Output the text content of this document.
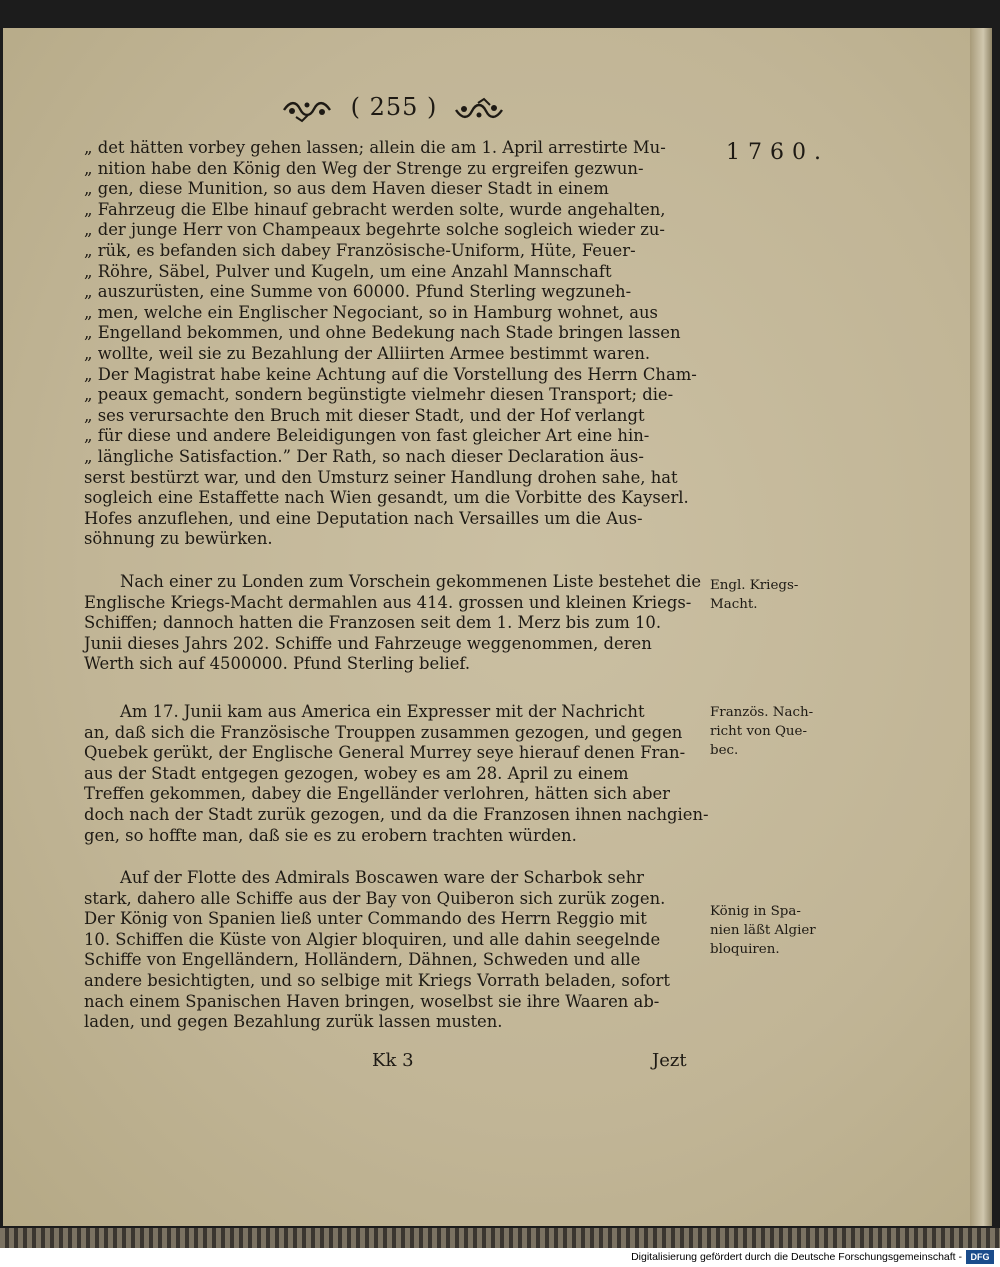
( 255 )
1760.
„ det hätten vorbey gehen lassen; allein die am 1. April arrestirte Mu-
„ nition habe den König den Weg der Strenge zu ergreifen gezwun-
„ gen, diese Munition, so aus dem Haven dieser Stadt in einem
„ Fahrzeug die Elbe hinauf gebracht werden solte, wurde angehalten,
„ der junge Herr von Champeaux begehrte solche sogleich wieder zu-
„ rük, es befanden sich dabey Französische-Uniform, Hüte, Feuer-
„ Röhre, Säbel, Pulver und Kugeln, um eine Anzahl Mannschaft
„ auszurüsten, eine Summe von 60000. Pfund Sterling wegzuneh-
„ men, welche ein Englischer Negociant, so in Hamburg wohnet, aus
„ Engelland bekommen, und ohne Bedekung nach Stade bringen lassen
„ wollte, weil sie zu Bezahlung der Alliirten Armee bestimmt waren.
„ Der Magistrat habe keine Achtung auf die Vorstellung des Herrn Cham-
„ peaux gemacht, sondern begünstigte vielmehr diesen Transport; die-
„ ses verursachte den Bruch mit dieser Stadt, und der Hof verlangt
„ für diese und andere Beleidigungen von fast gleicher Art eine hin-
„ längliche Satisfaction.” Der Rath, so nach dieser Declaration äus-
serst bestürzt war, und den Umsturz seiner Handlung drohen sahe, hat
sogleich eine Estaffette nach Wien gesandt, um die Vorbitte des Kayserl.
Hofes anzuflehen, und eine Deputation nach Versailles um die Aus-
söhnung zu bewürken.
Nach einer zu Londen zum Vorschein gekommenen Liste bestehet die
Englische Kriegs-Macht dermahlen aus 414. grossen und kleinen Kriegs-
Schiffen; dannoch hatten die Franzosen seit dem 1. Merz bis zum 10.
Junii dieses Jahrs 202. Schiffe und Fahrzeuge weggenommen, deren
Werth sich auf 4500000. Pfund Sterling belief.
Engl. Kriegs-
Macht.
Am 17. Junii kam aus America ein Expresser mit der Nachricht
an, daß sich die Französische Trouppen zusammen gezogen, und gegen
Quebek gerükt, der Englische General Murrey seye hierauf denen Fran-
aus der Stadt entgegen gezogen, wobey es am 28. April zu einem
Treffen gekommen, dabey die Engelländer verlohren, hätten sich aber
doch nach der Stadt zurük gezogen, und da die Franzosen ihnen nachgien-
gen, so hoffte man, daß sie es zu erobern trachten würden.
Französ. Nach-
richt von Que-
bec.
Auf der Flotte des Admirals Boscawen ware der Scharbok sehr
stark, dahero alle Schiffe aus der Bay von Quiberon sich zurük zogen.
Der König von Spanien ließ unter Commando des Herrn Reggio mit
10. Schiffen die Küste von Algier bloquiren, und alle dahin seegelnde
Schiffe von Engelländern, Holländern, Dähnen, Schweden und alle
andere besichtigten, und so selbige mit Kriegs Vorrath beladen, sofort
nach einem Spanischen Haven bringen, woselbst sie ihre Waaren ab-
laden, und gegen Bezahlung zurük lassen musten.
König in Spa-
nien läßt Algier
bloquiren.
Kk 3	Jezt
Digitalisierung gefördert durch die Deutsche Forschungsgemeinschaft - DFG
